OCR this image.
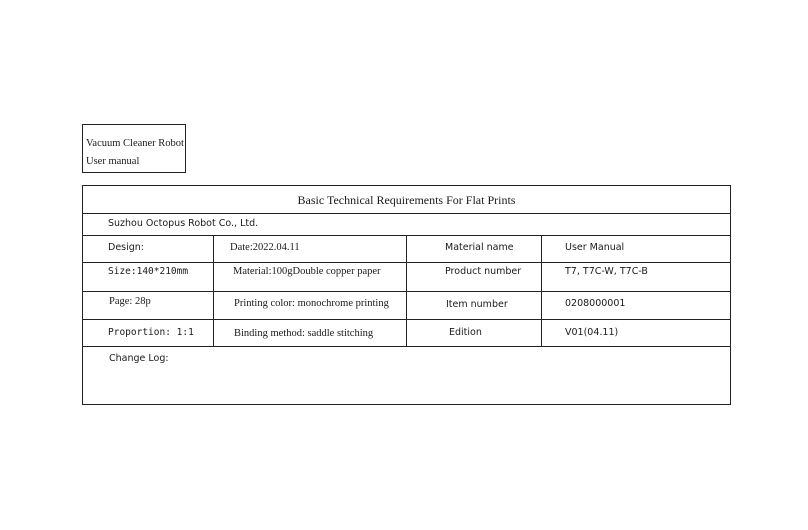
Vacuum Cleaner Robot
User manual
Basic Technical Requirements For Flat Prints
Suzhou Octopus Robot Co., Ltd.
Design:	Date:2022.04.11	Material name	User Manual
Size:140*210mm	Material:100gDouble copper paper	Product number	T7, T7C-W, T7C-B
Page: 28p	Printing color: monochrome printing	Item number	0208000001
Proportion: 1:1	Binding method: saddle stitching	Edition	V01(04.11)
Change Log:
